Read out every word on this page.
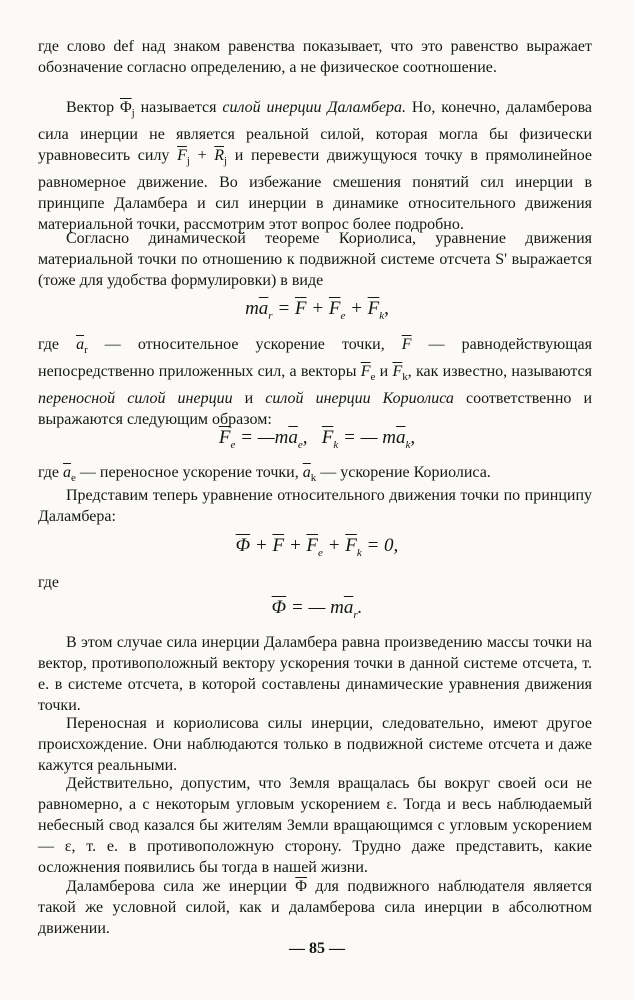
где слово def над знаком равенства показывает, что это равенство выражает обозначение согласно определению, а не физическое соотношение.

Вектор $\overline{\Phi}_j$ называется силой инерции Даламбера. Но, конечно, даламберова сила инерции не является реальной силой, которая могла бы физически уравновесить силу $\overline{F}_j + \overline{R}_j$ и перевести движущуюся точку в прямолинейное равномерное движение. Во избежание смешения понятий сил инерции в принципе Даламбера и сил инерции в динамике относительного движения материальной точки, рассмотрим этот вопрос более подробно.

Согласно динамической теореме Кориолиса, уравнение движения материальной точки по отношению к подвижной системе отсчета S' выражается (тоже для удобства формулировки) в виде

$m\overline{a}_r = \overline{F} + \overline{F}_e + \overline{F}_k$,

где $\overline{a}_r$ — относительное ускорение точки, $\overline{F}$ — равнодействующая непосредственно приложенных сил, а векторы $\overline{F}_e$ и $\overline{F}_k$, как известно, называются переносной силой инерции и силой инерции Кориолиса соответственно и выражаются следующим образом:

$\overline{F}_e$ = $—m\overline{a}_e$,   $\overline{F}_k$ = — $m\overline{a}_k$,

где $\overline{a}_e$ — переносное ускорение точки, $\overline{a}_k$ — ускорение Кориолиса.

Представим теперь уравнение относительного движения точки по принципу Даламбера:

$\overline{\Phi} + \overline{F} + \overline{F}_e + \overline{F}_k = 0$,

где

$\overline{\Phi}$ = — $m\overline{a}_r$.

В этом случае сила инерции Даламбера равна произведению массы точки на вектор, противоположный вектору ускорения точки в данной системе отсчета, т. е. в системе отсчета, в которой составлены динамические уравнения движения точки.

Переносная и кориолисова силы инерции, следовательно, имеют другое происхождение. Они наблюдаются только в подвижной системе отсчета и даже кажутся реальными.

Действительно, допустим, что Земля вращалась бы вокруг своей оси не равномерно, а с некоторым угловым ускорением ε. Тогда и весь наблюдаемый небесный свод казался бы жителям Земли вращающимся с угловым ускорением — ε, т. е. в противоположную сторону. Трудно даже представить, какие осложнения появились бы тогда в нашей жизни.

Даламберова сила же инерции $\overline{\Phi}$ для подвижного наблюдателя является такой же условной силой, как и даламберова сила инерции в абсолютном движении.

— 85 —
